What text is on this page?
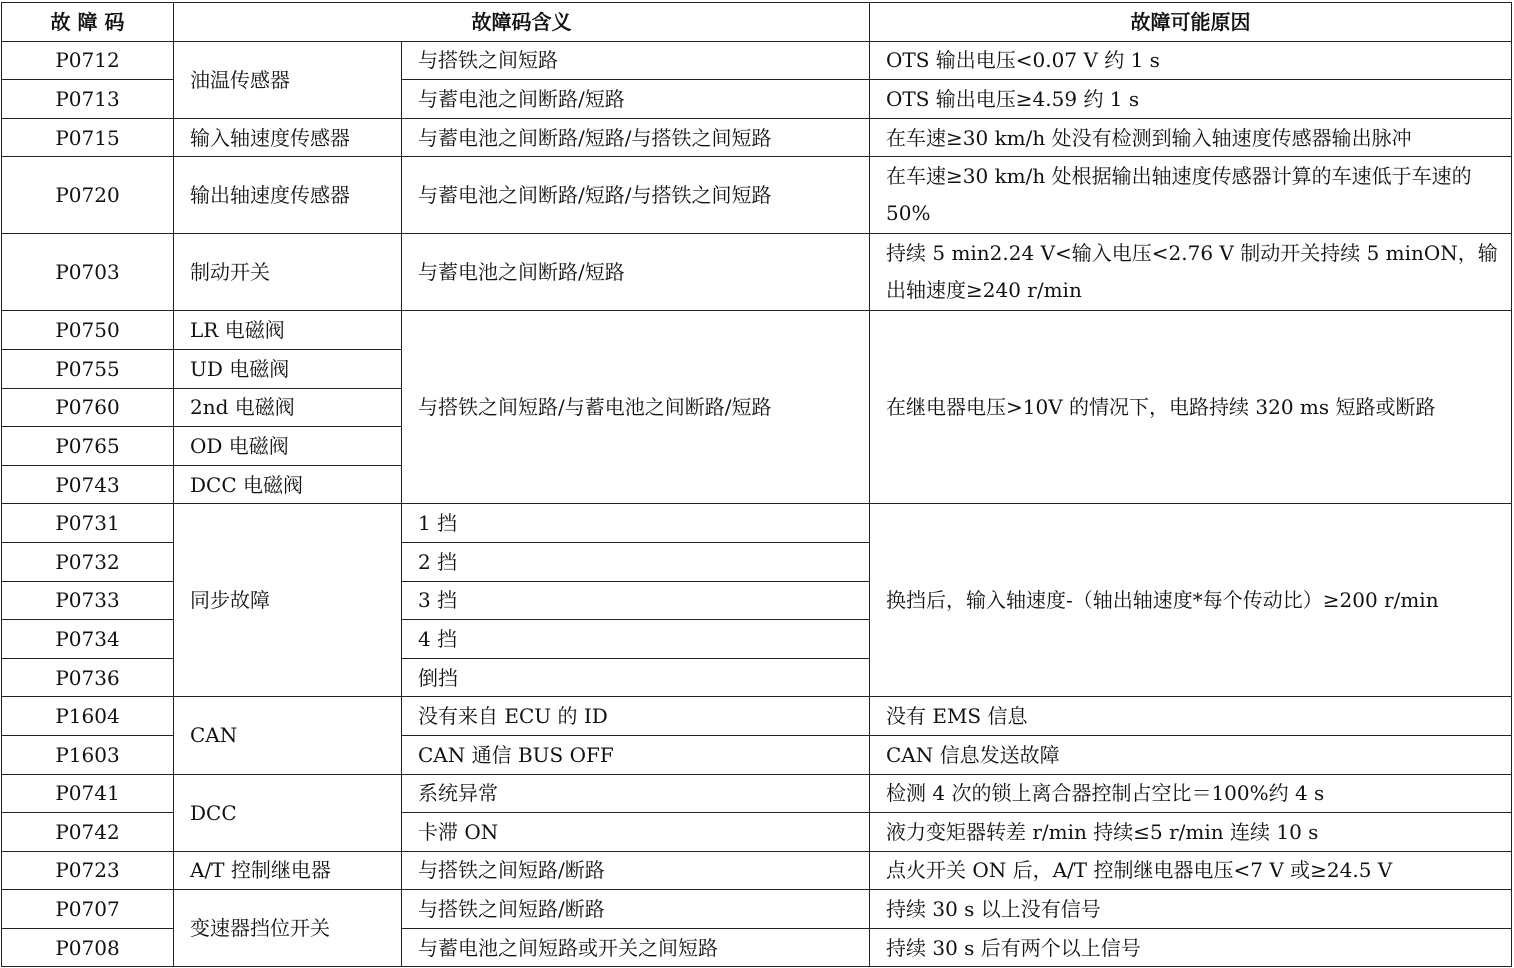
故 障 码	故障码含义		故障可能原因
P0712	油温传感器	与搭铁之间短路	OTS 输出电压<0.07 V 约 1 s
P0713		与蓄电池之间断路/短路	OTS 输出电压≥4.59 约 1 s
P0715	输入轴速度传感器	与蓄电池之间断路/短路/与搭铁之间短路	在车速≥30 km/h 处没有检测到输入轴速度传感器输出脉冲
P0720	输出轴速度传感器	与蓄电池之间断路/短路/与搭铁之间短路	在车速≥30 km/h 处根据输出轴速度传感器计算的车速低于车速的 50%
P0703	制动开关	与蓄电池之间断路/短路	持续 5 min2.24 V<输入电压<2.76 V 制动开关持续 5 minON，输出轴速度≥240 r/min
P0750	LR 电磁阀	与搭铁之间短路/与蓄电池之间断路/短路	在继电器电压>10V 的情况下，电路持续 320 ms 短路或断路
P0755	UD 电磁阀		
P0760	2nd 电磁阀		
P0765	OD 电磁阀		
P0743	DCC 电磁阀		
P0731	同步故障	1 挡	换挡后，输入轴速度-（轴出轴速度*每个传动比）≥200 r/min
P0732		2 挡	
P0733		3 挡	
P0734		4 挡	
P0736		倒挡	
P1604	CAN	没有来自 ECU 的 ID	没有 EMS 信息
P1603		CAN 通信 BUS OFF	CAN 信息发送故障
P0741	DCC	系统异常	检测 4 次的锁上离合器控制占空比＝100%约 4 s
P0742		卡滞 ON	液力变矩器转差 r/min 持续≤5 r/min 连续 10 s
P0723	A/T 控制继电器	与搭铁之间短路/断路	点火开关 ON 后，A/T 控制继电器电压<7 V 或≥24.5 V
P0707	变速器挡位开关	与搭铁之间短路/断路	持续 30 s 以上没有信号
P0708		与蓄电池之间短路或开关之间短路	持续 30 s 后有两个以上信号
